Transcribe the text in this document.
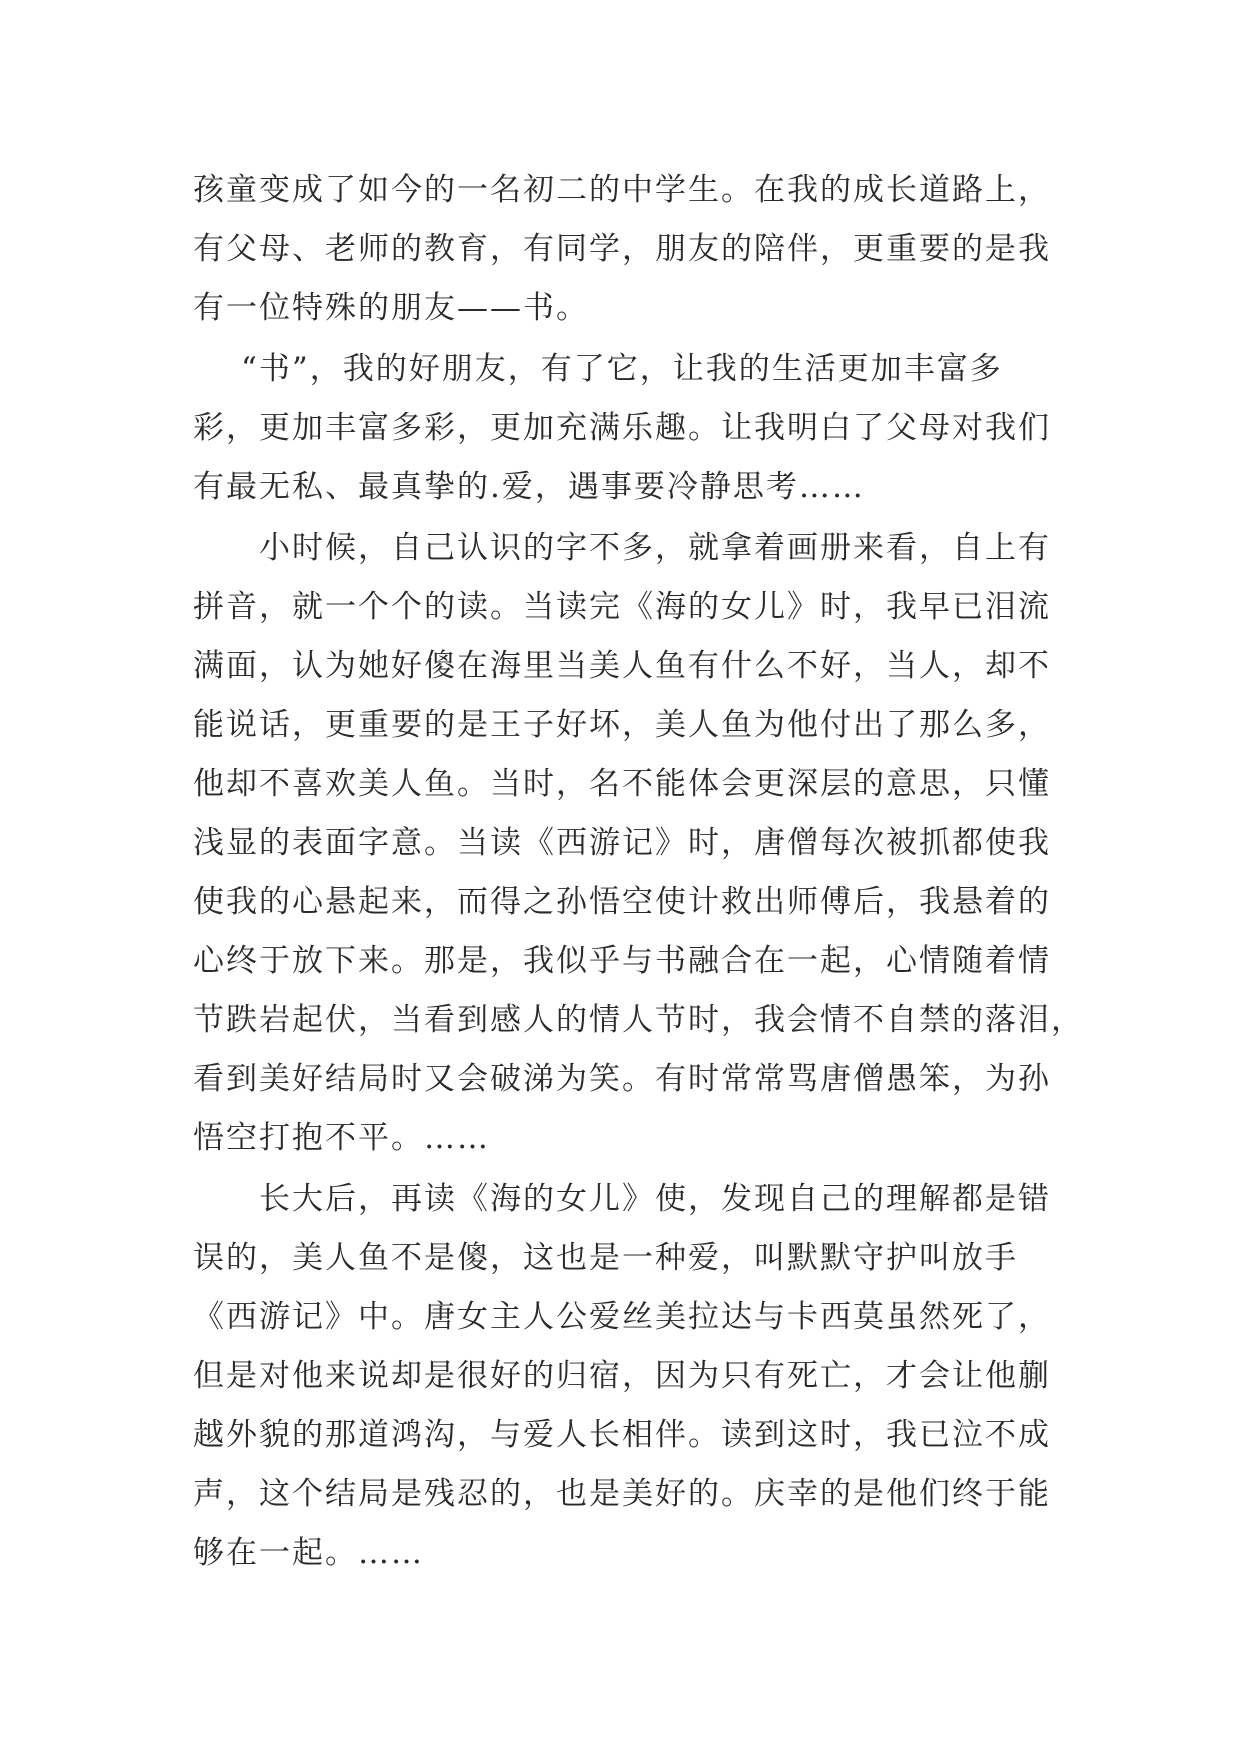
孩童变成了如今的一名初二的中学生。在我的成长道路上，
有父母、老师的教育，有同学，朋友的陪伴，更重要的是我
有一位特殊的朋友——书。
“书”，我的好朋友，有了它，让我的生活更加丰富多
彩，更加丰富多彩，更加充满乐趣。让我明白了父母对我们
有最无私、最真挚的.爱，遇事要冷静思考……
小时候，自己认识的字不多，就拿着画册来看，自上有
拼音，就一个个的读。当读完《海的女儿》时，我早已泪流
满面，认为她好傻在海里当美人鱼有什么不好，当人，却不
能说话，更重要的是王子好坏，美人鱼为他付出了那么多，
他却不喜欢美人鱼。当时，名不能体会更深层的意思，只懂
浅显的表面字意。当读《西游记》时，唐僧每次被抓都使我
使我的心悬起来，而得之孙悟空使计救出师傅后，我悬着的
心终于放下来。那是，我似乎与书融合在一起，心情随着情
节跌岩起伏，当看到感人的情人节时，我会情不自禁的落泪，
看到美好结局时又会破涕为笑。有时常常骂唐僧愚笨，为孙
悟空打抱不平。……
长大后，再读《海的女儿》使，发现自己的理解都是错
误的，美人鱼不是傻，这也是一种爱，叫默默守护叫放手
《西游记》中。唐女主人公爱丝美拉达与卡西莫虽然死了，
但是对他来说却是很好的归宿，因为只有死亡，才会让他蒯
越外貌的那道鸿沟，与爱人长相伴。读到这时，我已泣不成
声，这个结局是残忍的，也是美好的。庆幸的是他们终于能
够在一起。……
